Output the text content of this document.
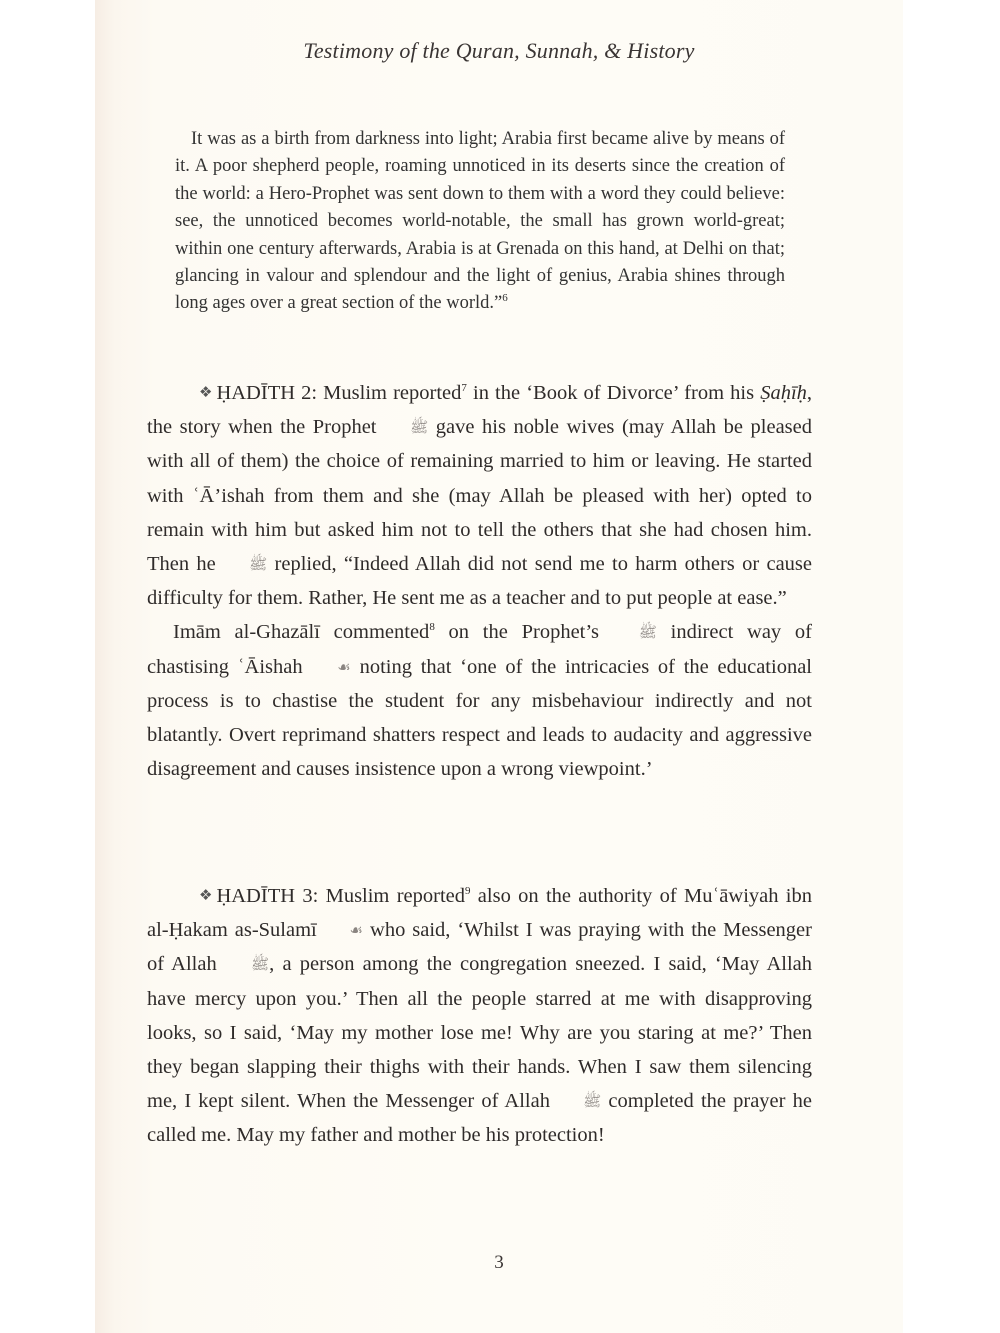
Testimony of the Quran, Sunnah, & History

It was as a birth from darkness into light; Arabia first became alive by means of it. A poor shepherd people, roaming unnoticed in its deserts since the creation of the world: a Hero-Prophet was sent down to them with a word they could believe: see, the unnoticed becomes world-notable, the small has grown world-great; within one century afterwards, Arabia is at Grenada on this hand, at Delhi on that; glancing in valour and splendour and the light of genius, Arabia shines through long ages over a great section of the world.”$^6$

❖ ḤADĪTH 2: Muslim reported$^7$ in the ‘Book of Divorce’ from his Ṣaḥīḥ, the story when the Prophet ﷺ gave his noble wives (may Allah be pleased with all of them) the choice of remaining married to him or leaving. He started with ʿĀ’ishah from them and she (may Allah be pleased with her) opted to remain with him but asked him not to tell the others that she had chosen him. Then he ﷺ replied, “Indeed Allah did not send me to harm others or cause difficulty for them. Rather, He sent me as a teacher and to put people at ease.”

Imām al-Ghazālī commented$^8$ on the Prophet’s ﷺ indirect way of chastising ʿĀishah ☙ noting that ‘one of the intricacies of the educational process is to chastise the student for any misbehaviour indirectly and not blatantly. Overt reprimand shatters respect and leads to audacity and aggressive disagreement and causes insistence upon a wrong viewpoint.’

❖ ḤADĪTH 3: Muslim reported$^9$ also on the authority of Muʿāwiyah ibn al-Ḥakam as-Sulamī ☙ who said, ‘Whilst I was praying with the Messenger of Allah ﷺ, a person among the congregation sneezed. I said, ‘May Allah have mercy upon you.’ Then all the people starred at me with disapproving looks, so I said, ‘May my mother lose me! Why are you staring at me?’ Then they began slapping their thighs with their hands. When I saw them silencing me, I kept silent. When the Messenger of Allah ﷺ completed the prayer he called me. May my father and mother be his protection!

3
